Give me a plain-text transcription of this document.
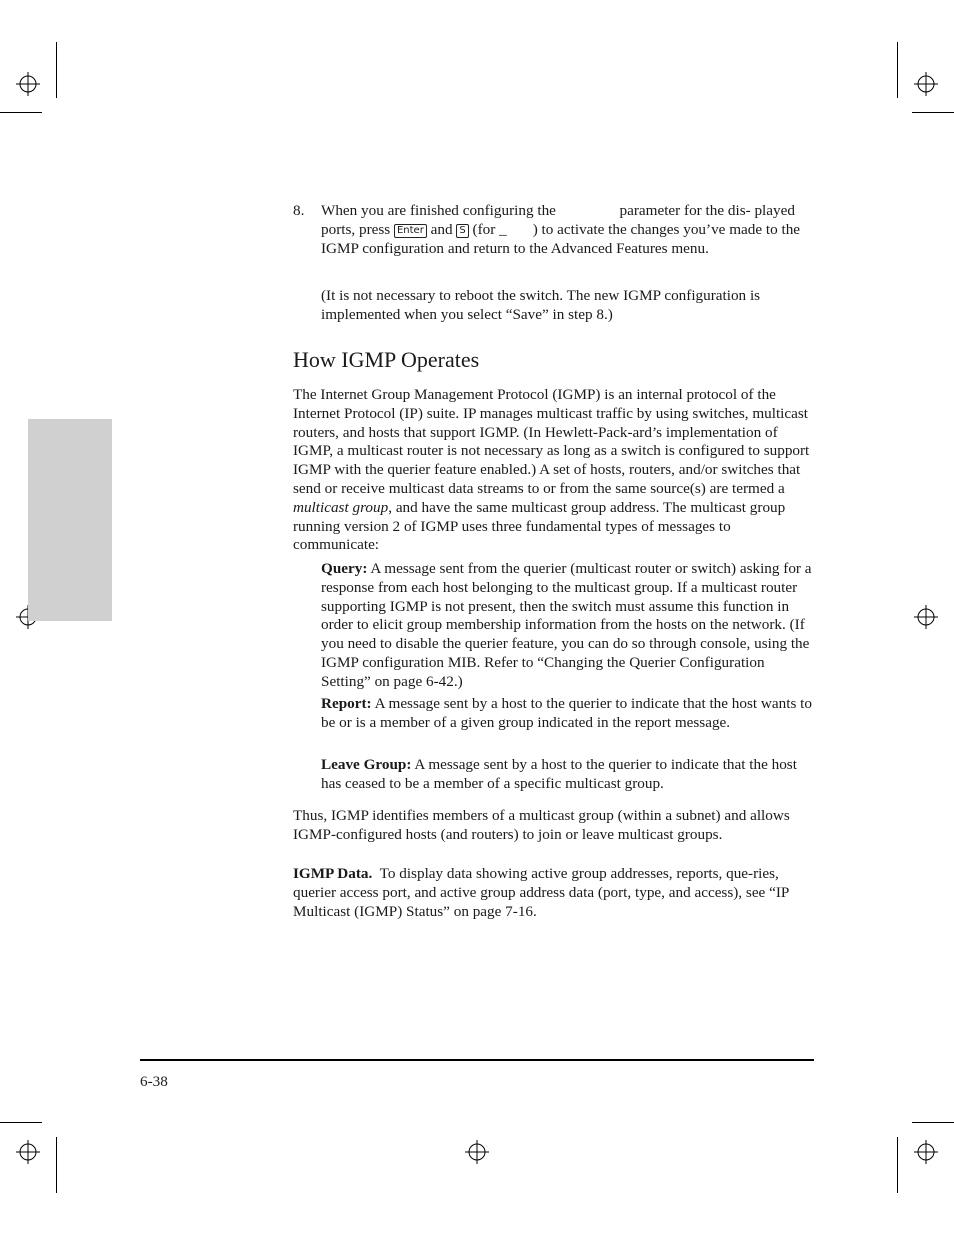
8. When you are finished configuring the	parameter for the dis- played ports, press Enter and S (for _ ) to activate the changes you’ve made to the IGMP configuration and return to the Advanced Features menu.
(It is not necessary to reboot the switch. The new IGMP configuration is implemented when you select “Save” in step 8.)
How IGMP Operates
The Internet Group Management Protocol (IGMP) is an internal protocol of the Internet Protocol (IP) suite. IP manages multicast traffic by using switches, multicast routers, and hosts that support IGMP. (In Hewlett-Pack-ard’s implementation of IGMP, a multicast router is not necessary as long as a switch is configured to support IGMP with the querier feature enabled.) A set of hosts, routers, and/or switches that send or receive multicast data streams to or from the same source(s) are termed a multicast group, and have the same multicast group address. The multicast group running version 2 of IGMP uses three fundamental types of messages to communicate:
Query: A message sent from the querier (multicast router or switch) asking for a response from each host belonging to the multicast group. If a multicast router supporting IGMP is not present, then the switch must assume this function in order to elicit group membership information from the hosts on the network. (If you need to disable the querier feature, you can do so through console, using the IGMP configuration MIB. Refer to “Changing the Querier Configuration Setting” on page 6-42.)
Report: A message sent by a host to the querier to indicate that the host wants to be or is a member of a given group indicated in the report message.
Leave Group: A message sent by a host to the querier to indicate that the host has ceased to be a member of a specific multicast group.
Thus, IGMP identifies members of a multicast group (within a subnet) and allows IGMP-configured hosts (and routers) to join or leave multicast groups.
IGMP Data. To display data showing active group addresses, reports, que-ries, querier access port, and active group address data (port, type, and access), see “IP Multicast (IGMP) Status” on page 7-16.
6-38
